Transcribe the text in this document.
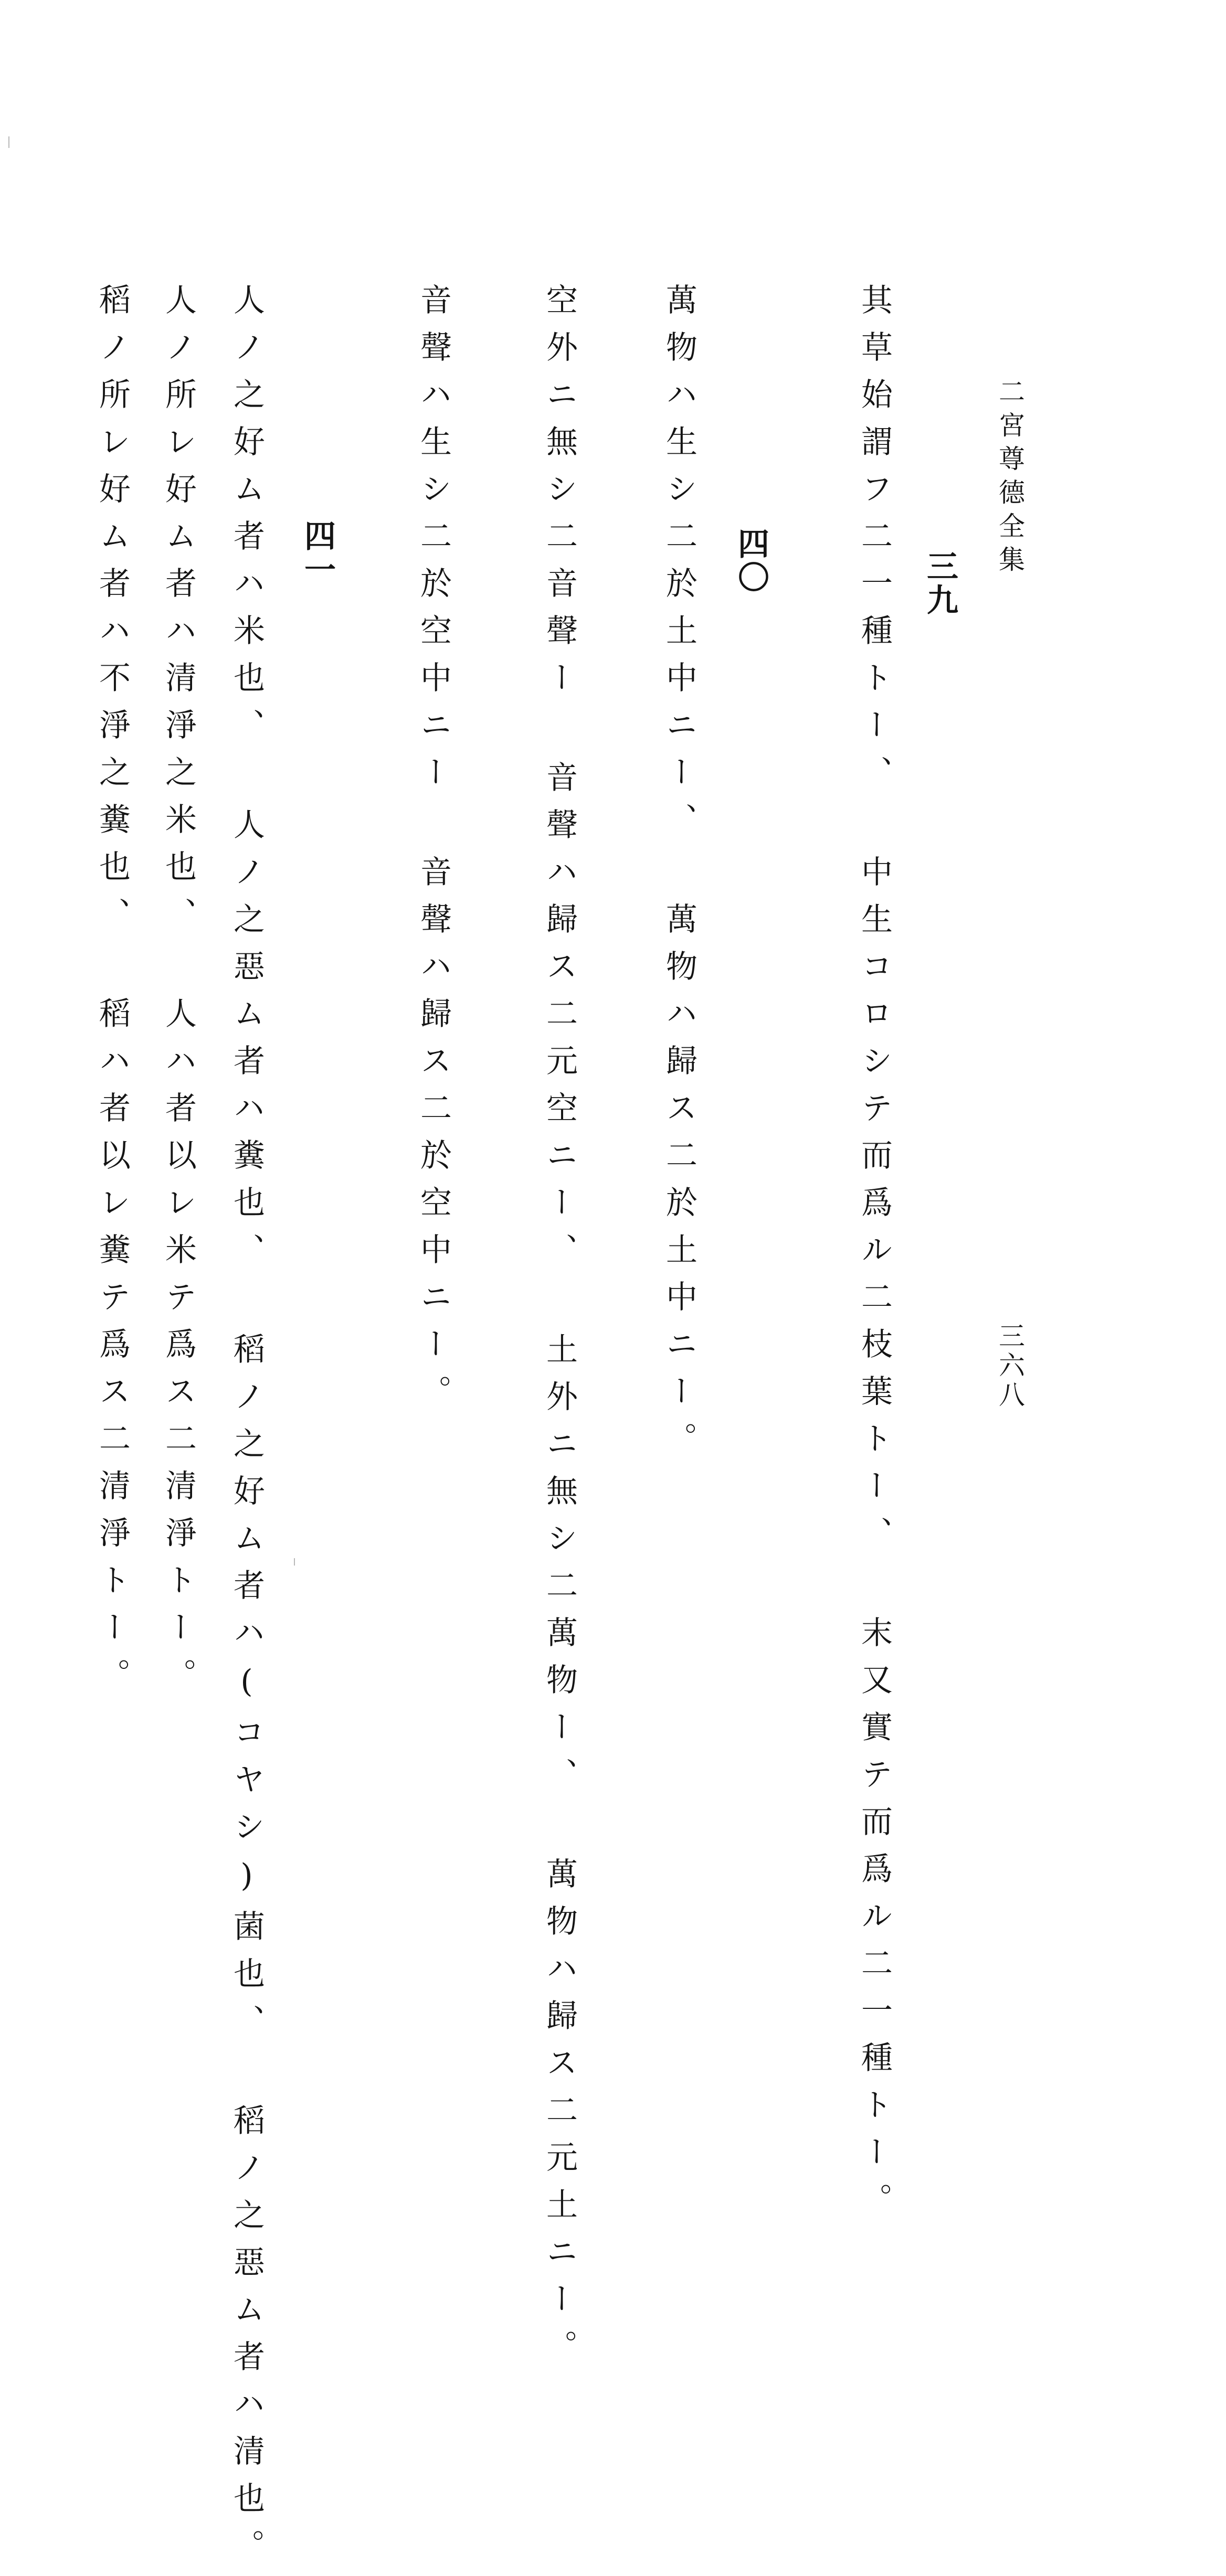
二宮尊德全集
三六八
三九
其草始謂フ二一種トー、 中生コロシテ而爲ル二枝葉トー、 末又實テ而爲ル二一種トー。
四〇
萬物ハ生シ二於土中ニー、 萬物ハ歸ス二於土中ニー。
空外ニ無シ二音聲ー 音聲ハ歸ス二元空ニー、 土外ニ無シ二萬物ー、 萬物ハ歸ス二元土ニー。
音聲ハ生シ二於空中ニー 音聲ハ歸ス二於空中ニー。
四一
人ノ之好ム者ハ米也、 人ノ之惡ム者ハ糞也、 稻ノ之好ム者ハ(コヤシ)菌也、 稻ノ之惡ム者ハ清也。
人ノ所レ好ム者ハ清淨之米也、 人ハ者以レ米テ爲ス二清淨トー。
稻ノ所レ好ム者ハ不淨之糞也、 稻ハ者以レ糞テ爲ス二清淨トー。
